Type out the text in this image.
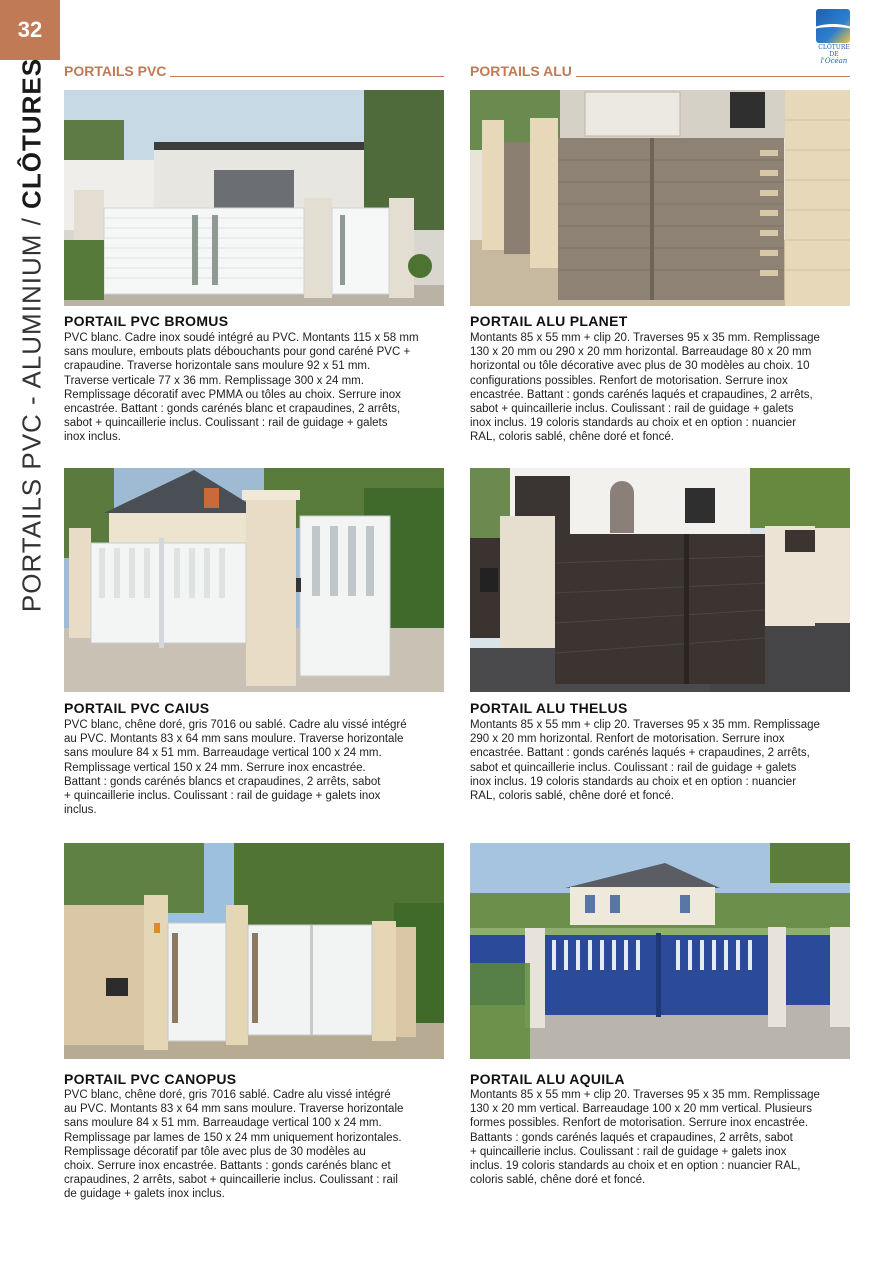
32
CLÔTURE DE
l'Océan
PORTAILS PVC - ALUMINIUM / CLÔTURES PORTAILS PVC	PORTAILS ALU
PORTAIL PVC BROMUS
PVC blanc. Cadre inox soudé intégré au PVC. Montants 115 x 58 mm
sans moulure, embouts plats débouchants pour gond caréné PVC +
crapaudine. Traverse horizontale sans moulure 92 x 51 mm.
Traverse verticale 77 x 36 mm. Remplissage 300 x 24 mm.
Remplissage décoratif avec PMMA ou tôles au choix. Serrure inox
encastrée. Battant : gonds carénés blanc et crapaudines, 2 arrêts,
sabot + quincaillerie inclus. Coulissant : rail de guidage + galets
inox inclus.
PORTAIL ALU PLANET
Montants 85 x 55 mm + clip 20. Traverses 95 x 35 mm. Remplissage
130 x 20 mm ou 290 x 20 mm horizontal. Barreaudage 80 x 20 mm
horizontal ou tôle décorative avec plus de 30 modèles au choix. 10
configurations possibles. Renfort de motorisation. Serrure inox
encastrée. Battant : gonds carénés laqués et crapaudines, 2 arrêts,
sabot + quincaillerie inclus. Coulissant : rail de guidage + galets
inox inclus. 19 coloris standards au choix et en option : nuancier
RAL, coloris sablé, chêne doré et foncé.
PORTAIL PVC CAIUS
PVC blanc, chêne doré, gris 7016 ou sablé. Cadre alu vissé intégré
au PVC. Montants 83 x 64 mm sans moulure. Traverse horizontale
sans moulure 84 x 51 mm. Barreaudage vertical 100 x 24 mm.
Remplissage vertical 150 x 24 mm. Serrure inox encastrée.
Battant : gonds carénés blancs et crapaudines, 2 arrêts, sabot
+ quincaillerie inclus. Coulissant : rail de guidage + galets inox
inclus.
PORTAIL ALU THELUS
Montants 85 x 55 mm + clip 20. Traverses 95 x 35 mm. Remplissage
290 x 20 mm horizontal. Renfort de motorisation. Serrure inox
encastrée. Battant : gonds carénés laqués + crapaudines, 2 arrêts,
sabot et quincaillerie inclus. Coulissant : rail de guidage + galets
inox inclus. 19 coloris standards au choix et en option : nuancier
RAL, coloris sablé, chêne doré et foncé.
PORTAIL PVC CANOPUS
PVC blanc, chêne doré, gris 7016 sablé. Cadre alu vissé intégré
au PVC. Montants 83 x 64 mm sans moulure. Traverse horizontale
sans moulure 84 x 51 mm. Barreaudage vertical 100 x 24 mm.
Remplissage par lames de 150 x 24 mm uniquement horizontales.
Remplissage décoratif par tôle avec plus de 30 modèles au
choix. Serrure inox encastrée. Battants : gonds carénés blanc et
crapaudines, 2 arrêts, sabot + quincaillerie inclus. Coulissant : rail
de guidage + galets inox inclus.
PORTAIL ALU AQUILA
Montants 85 x 55 mm + clip 20. Traverses 95 x 35 mm. Remplissage
130 x 20 mm vertical. Barreaudage 100 x 20 mm vertical. Plusieurs
formes possibles. Renfort de motorisation. Serrure inox encastrée.
Battants : gonds carénés laqués et crapaudines, 2 arrêts, sabot
+ quincaillerie inclus. Coulissant : rail de guidage + galets inox
inclus. 19 coloris standards au choix et en option : nuancier RAL,
coloris sablé, chêne doré et foncé.
